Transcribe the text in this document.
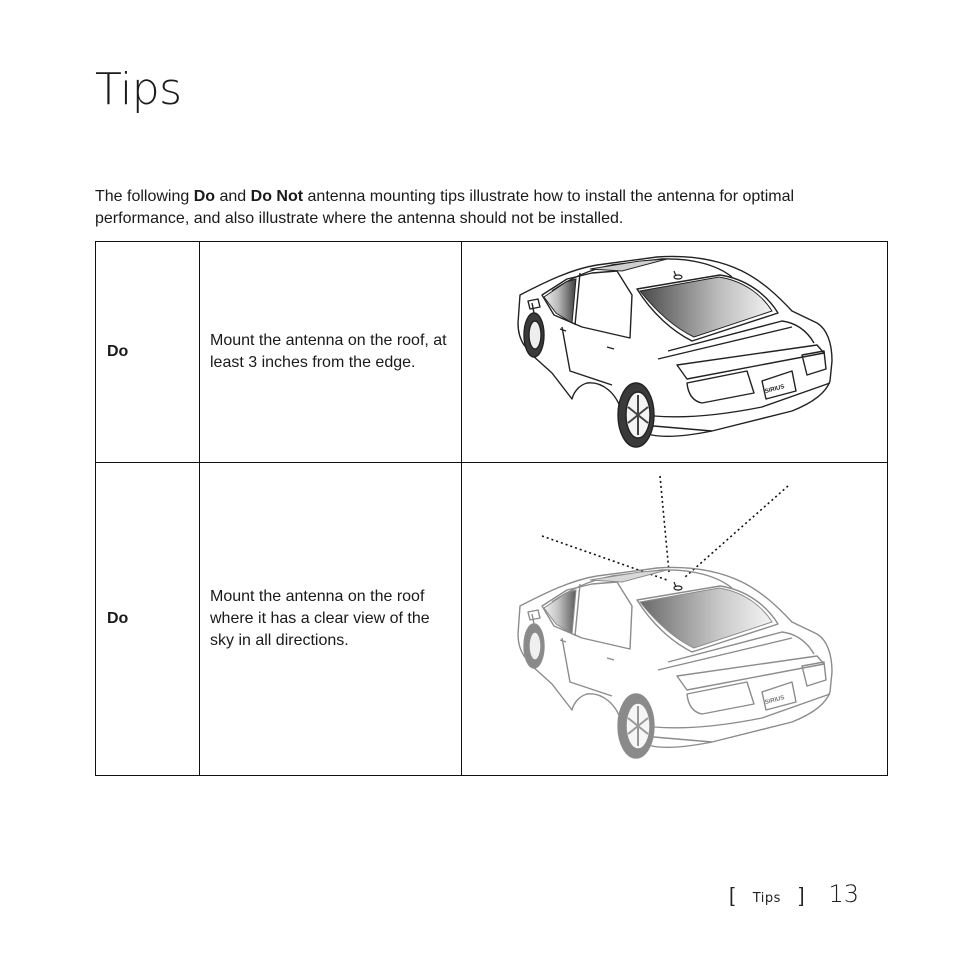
Tips

The following Do and Do Not antenna mounting tips illustrate how to install the antenna for optimal performance, and also illustrate where the antenna should not be installed.

Do	Mount the antenna on the roof, at least 3 inches from the edge.	SIRIUS

Do	Mount the antenna on the roof where it has a clear view of the sky in all directions.	SIRIUS
[	Tips ] 13
